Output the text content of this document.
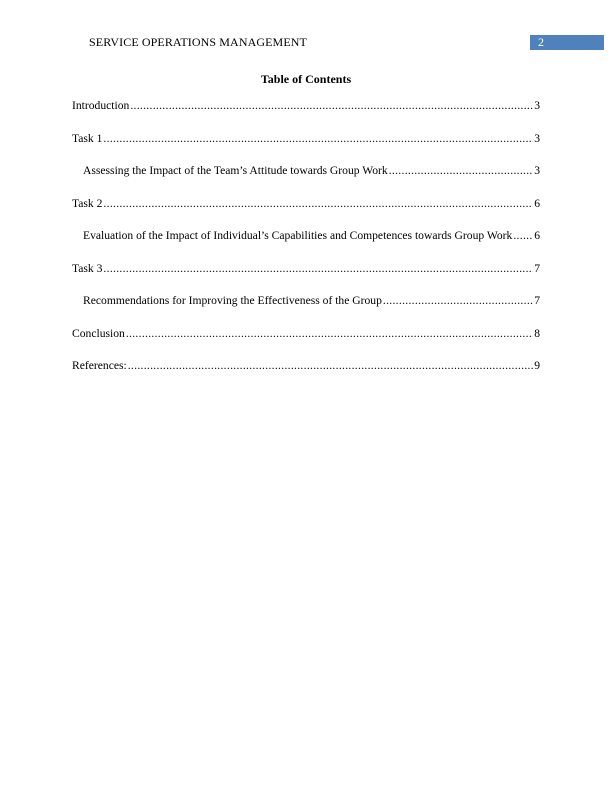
SERVICE OPERATIONS MANAGEMENT	2
Table of Contents
Introduction .....	3
Task 1 .....	3
Assessing the Impact of the Team’s Attitude towards Group Work .....	3
Task 2 .....	6
Evaluation of the Impact of Individual’s Capabilities and Competences towards Group Work ..... 6
Task 3 .....	7
Recommendations for Improving the Effectiveness of the Group .....	7
Conclusion .....	8
References: .....	9
